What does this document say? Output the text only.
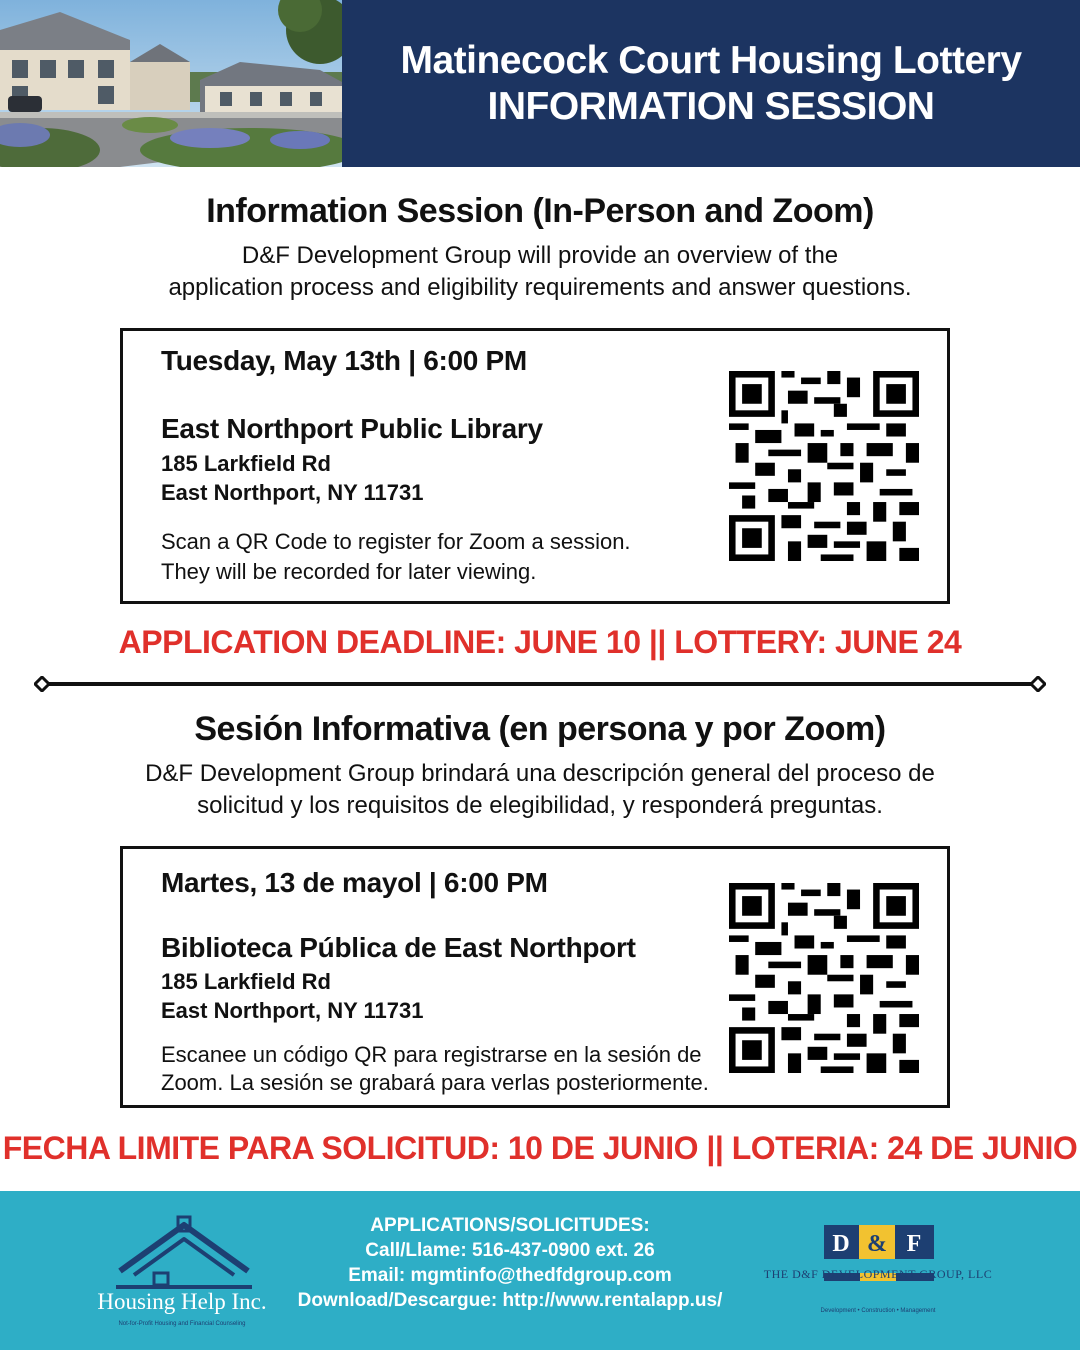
Matinecock Court Housing Lottery
INFORMATION SESSION
Information Session (In-Person and Zoom)
D&F Development Group will provide an overview of the
application process and eligibility requirements and answer questions.
Tuesday, May 13th | 6:00 PM
East Northport Public Library
185 Larkfield Rd
East Northport, NY 11731
Scan a QR Code to register for Zoom a session.
They will be recorded for later viewing.
APPLICATION DEADLINE: JUNE 10 || LOTTERY: JUNE 24
Sesión Informativa (en persona y por Zoom)
D&F Development Group brindará una descripción general del proceso de
solicitud y los requisitos de elegibilidad, y responderá preguntas.
Martes, 13 de mayol | 6:00 PM
Biblioteca Pública de East Northport
185 Larkfield Rd
East Northport, NY 11731
Escanee un código QR para registrarse en la sesión de
Zoom. La sesión se grabará para verlas posteriormente.
FECHA LIMITE PARA SOLICITUD: 10 DE JUNIO || LOTERIA: 24 DE JUNIO
Housing Help Inc.
Not-for-Profit Housing and Financial Counseling
APPLICATIONS/SOLICITUDES:
Call/Llame: 516-437-0900 ext. 26
Email: mgmtinfo@thedfdgroup.com
Download/Descargue: http://www.rentalapp.us/
D & F
THE D&F DEVELOPMENT GROUP, LLC
Development • Construction • Management
